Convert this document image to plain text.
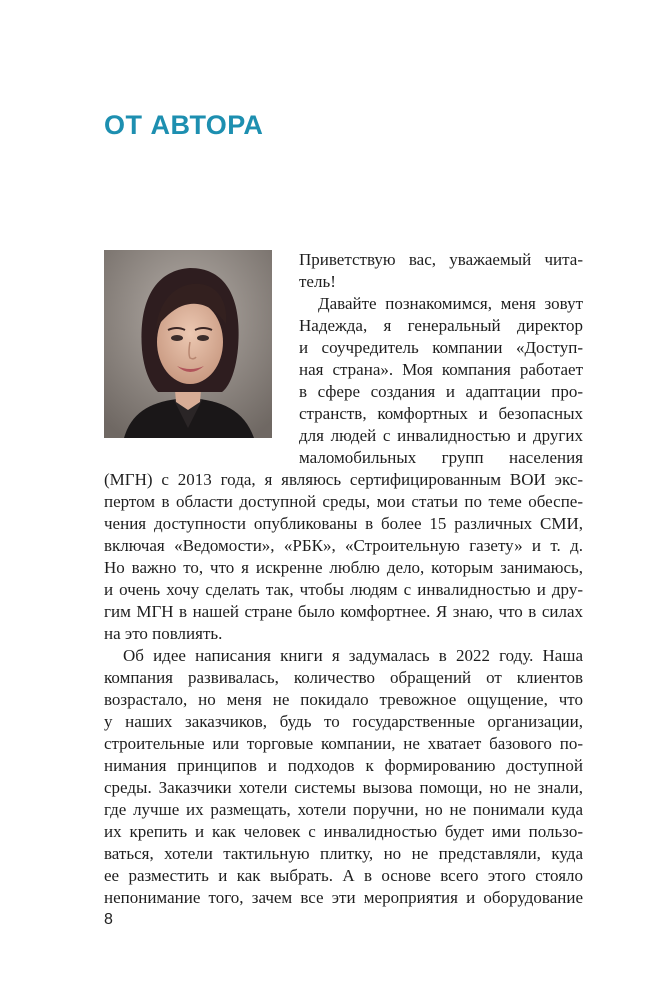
ОТ АВТОРА
Приветствую вас, уважаемый чита-
тель!
Давайте познакомимся, меня зовут
Надежда, я генеральный директор
и соучредитель компании «Доступ-
ная страна». Моя компания работает
в сфере создания и адаптации про-
странств, комфортных и безопасных
для людей с инвалидностью и других
маломобильных групп населения
(МГН) с 2013 года, я являюсь сертифицированным ВОИ экс-
пертом в области доступной среды, мои статьи по теме обеспе-
чения доступности опубликованы в более 15 различных СМИ,
включая «Ведомости», «РБК», «Строительную газету» и т. д.
Но важно то, что я искренне люблю дело, которым занимаюсь,
и очень хочу сделать так, чтобы людям с инвалидностью и дру-
гим МГН в нашей стране было комфортнее. Я знаю, что в силах
на это повлиять.
Об идее написания книги я задумалась в 2022 году. Наша
компания развивалась, количество обращений от клиентов
возрастало, но меня не покидало тревожное ощущение, что
у наших заказчиков, будь то государственные организации,
строительные или торговые компании, не хватает базового по-
нимания принципов и подходов к формированию доступной
среды. Заказчики хотели системы вызова помощи, но не знали,
где лучше их размещать, хотели поручни, но не понимали куда
их крепить и как человек с инвалидностью будет ими пользо-
ваться, хотели тактильную плитку, но не представляли, куда
ее разместить и как выбрать. А в основе всего этого стояло
непонимание того, зачем все эти мероприятия и оборудование
8
